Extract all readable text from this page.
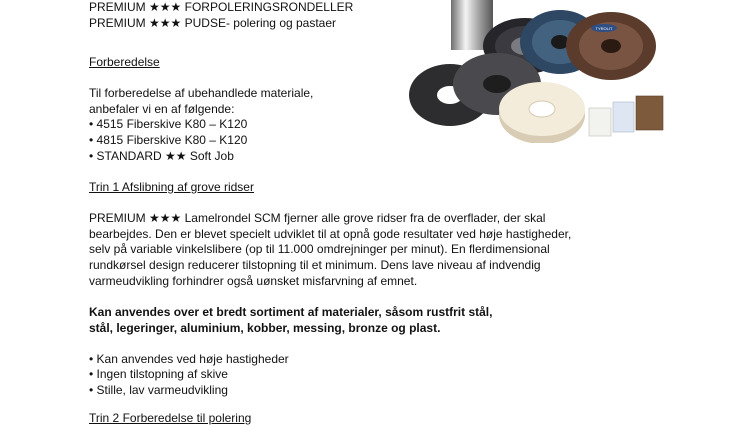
PREMIUM ★★★ FORPOLERINGSRONDELLER
PREMIUM ★★★ PUDSE- polering og pastaer
Forberedelse
Til forberedelse af ubehandlede materiale,
anbefaler vi en af følgende:
• 4515 Fiberskive K80 – K120
• 4815 Fiberskive K80 – K120
• STANDARD ★★ Soft Job
Trin 1 Afslibning af grove ridser
PREMIUM ★★★ Lamelrondel SCM fjerner alle grove ridser fra de overflader, der skal
bearbejdes. Den er blevet specielt udviklet til at opnå gode resultater ved høje hastigheder,
selv på variable vinkelslibere (op til 11.000 omdrejninger per minut). En flerdimensional
rundkørsel design reducerer tilstopning til et minimum. Dens lave niveau af indvendig
varmeudvikling forhindrer også uønsket misfarvning af emnet.
Kan anvendes over et bredt sortiment af materialer, såsom rustfrit stål,
stål, legeringer, aluminium, kobber, messing, bronze og plast.
• Kan anvendes ved høje hastigheder
• Ingen tilstopning af skive
• Stille, lav varmeudvikling
Trin 2 Forberedelse til polering
TYROLIT
